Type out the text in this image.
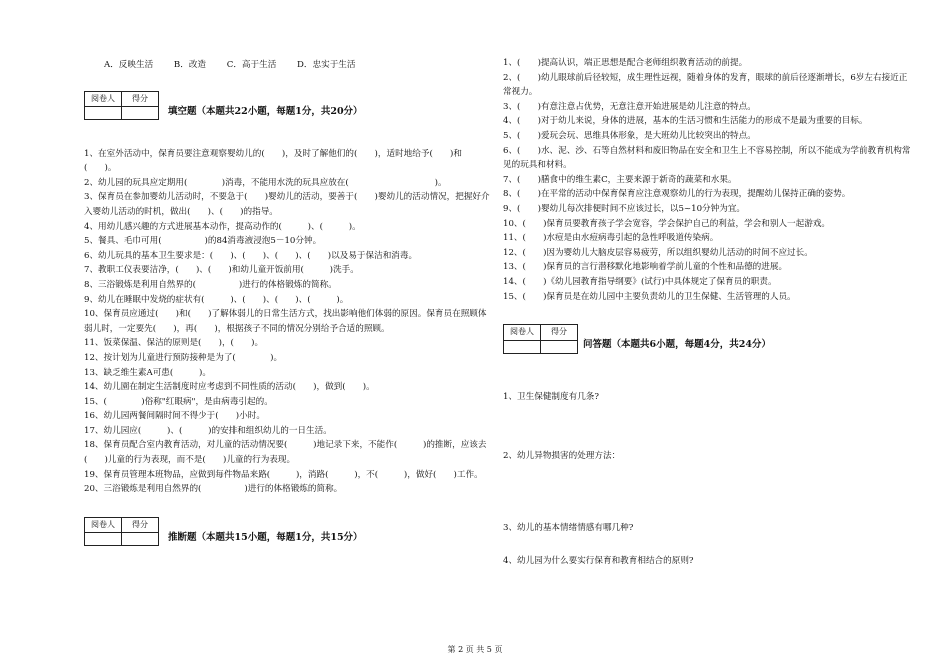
A．反映生活 B．改造 C．高于生活 D．忠实于生活
阅卷人	得分

填空题（本题共22小题，每题1分，共20分）
1、在室外活动中，保育员要注意观察婴幼儿的(　　)，及时了解他们的(　　)，适时地给予(　　)和(　　)。
2、幼儿园的玩具应定期用(　　　　)消毒，不能用水洗的玩具应放在(　　　　　　　　　　)。
3、保育员在参加婴幼儿活动时，不要急于(　　)婴幼儿的活动，要善于(　　)婴幼儿的活动情况，把握好介入婴幼儿活动的时机，做出(　　)、(　　)的指导。
4、用幼儿感兴趣的方式进展基本动作，提高动作的(　　　)、(　　　)。
5、餐具、毛巾可用(　　　　　)的84消毒液浸泡5－10分钟。
6、幼儿玩具的基本卫生要求是：(　　)、(　　)、(　　)、(　　)以及易于保洁和消毒。
7、教职工仪表要洁净，(　　)、(　　)和幼儿童开饭前用(　　　)洗手。
8、三浴锻炼是利用自然界的(　　　　　)进行的体格锻炼的简称。
9、幼儿在睡眠中发烧的症状有(　　　)、(　　)、(　　)、(　　　)。
10、保育员应通过(　　)和(　　)了解体弱儿的日常生活方式，找出影响他们体弱的原因。保育员在照顾体弱儿时，一定要先(　　)，再(　　)，根据孩子不同的情况分别给予合适的照顾。
11、饭菜保温、保洁的原则是(　　)，(　　)。
12、按计划为儿童进行预防接种是为了(　　　　)。
13、缺乏维生素A可患(　　　)。
14、幼儿園在制定生活制度时应考虑到不同性质的活动(　　)，做到(　　)。
15、(　　　　)俗称"红眼病"，是由病毒引起的。
16、幼儿园两餐间隔时间不得少于(　　)小时。
17、幼儿园应(　　　)、(　　　)的安排和组织幼儿的一日生活。
18、保育员配合室内教育活动，对儿童的活动情况要(　　　)地记录下来，不能作(　　　)的推断，应该去(　　)儿童的行为表现，而不是(　　)儿童的行为表现。
19、保育员管理本班物品，应做到每件物品来路(　　　)，消路(　　　)，不(　　　)，做好(　　)工作。
20、三浴锻炼是利用自然界的(　　　　　)进行的体格锻炼的简称。
阅卷人	得分

推断题（本题共15小题，每题1分，共15分）
1、(　　)提高认识，端正思想是配合老师组织教育活动的前提。
2、(　　)幼儿眼球前后径较短，成生理性远视，随着身体的发育，眼球的前后径逐渐增长，6岁左右接近正常视力。
3、(　　)有意注意占优势，无意注意开始进展是幼儿注意的特点。
4、(　　)对于幼儿来说，身体的进展，基本的生活习惯和生活能力的形成不是最为重要的目标。
5、(　　)爱玩会玩、思维具体形象，是大班幼儿比较突出的特点。
6、(　　)水、泥、沙、石等自然材料和废旧物品在安全和卫生上不容易控制，所以不能成为学前教育机构常见的玩具和材料。
7、(　　)膳食中的维生素C，主要来源于新奇的蔬菜和水果。
8、(　　)在平常的活动中保育保育应注意观察幼儿的行为表现，提醒幼儿保持正确的姿势。
9、(　　)婴幼儿每次排便时间不应该过长，以5~10分钟为宜。
10、(　　)保育员要教育孩子学会宽容，学会保护自己的利益，学会和别人一起游戏。
11、(　　)水痘是由水痘病毒引起的急性呼吸道传染病。
12、(　　)因为婴幼儿大脑皮层容易疲劳，所以组织婴幼儿活动的时间不应过长。
13、(　　)保育员的言行潜移默化地影响着学前儿童的个性和品德的进展。
14、(　　)《幼儿园教育指导纲要》(试行)中具体规定了保育员的职责。
15、(　　)保育员是在幼儿园中主要负责幼儿的卫生保健、生活管理的人员。
阅卷人	得分

问答题（本题共6小题，每题4分，共24分）
1、卫生保健制度有几条?
2、幼儿异物损害的处理方法：
3、幼儿的基本情绪情感有哪几种?
4、幼儿园为什么要实行保育和教育相结合的原则?
第 2 页 共 5 页
